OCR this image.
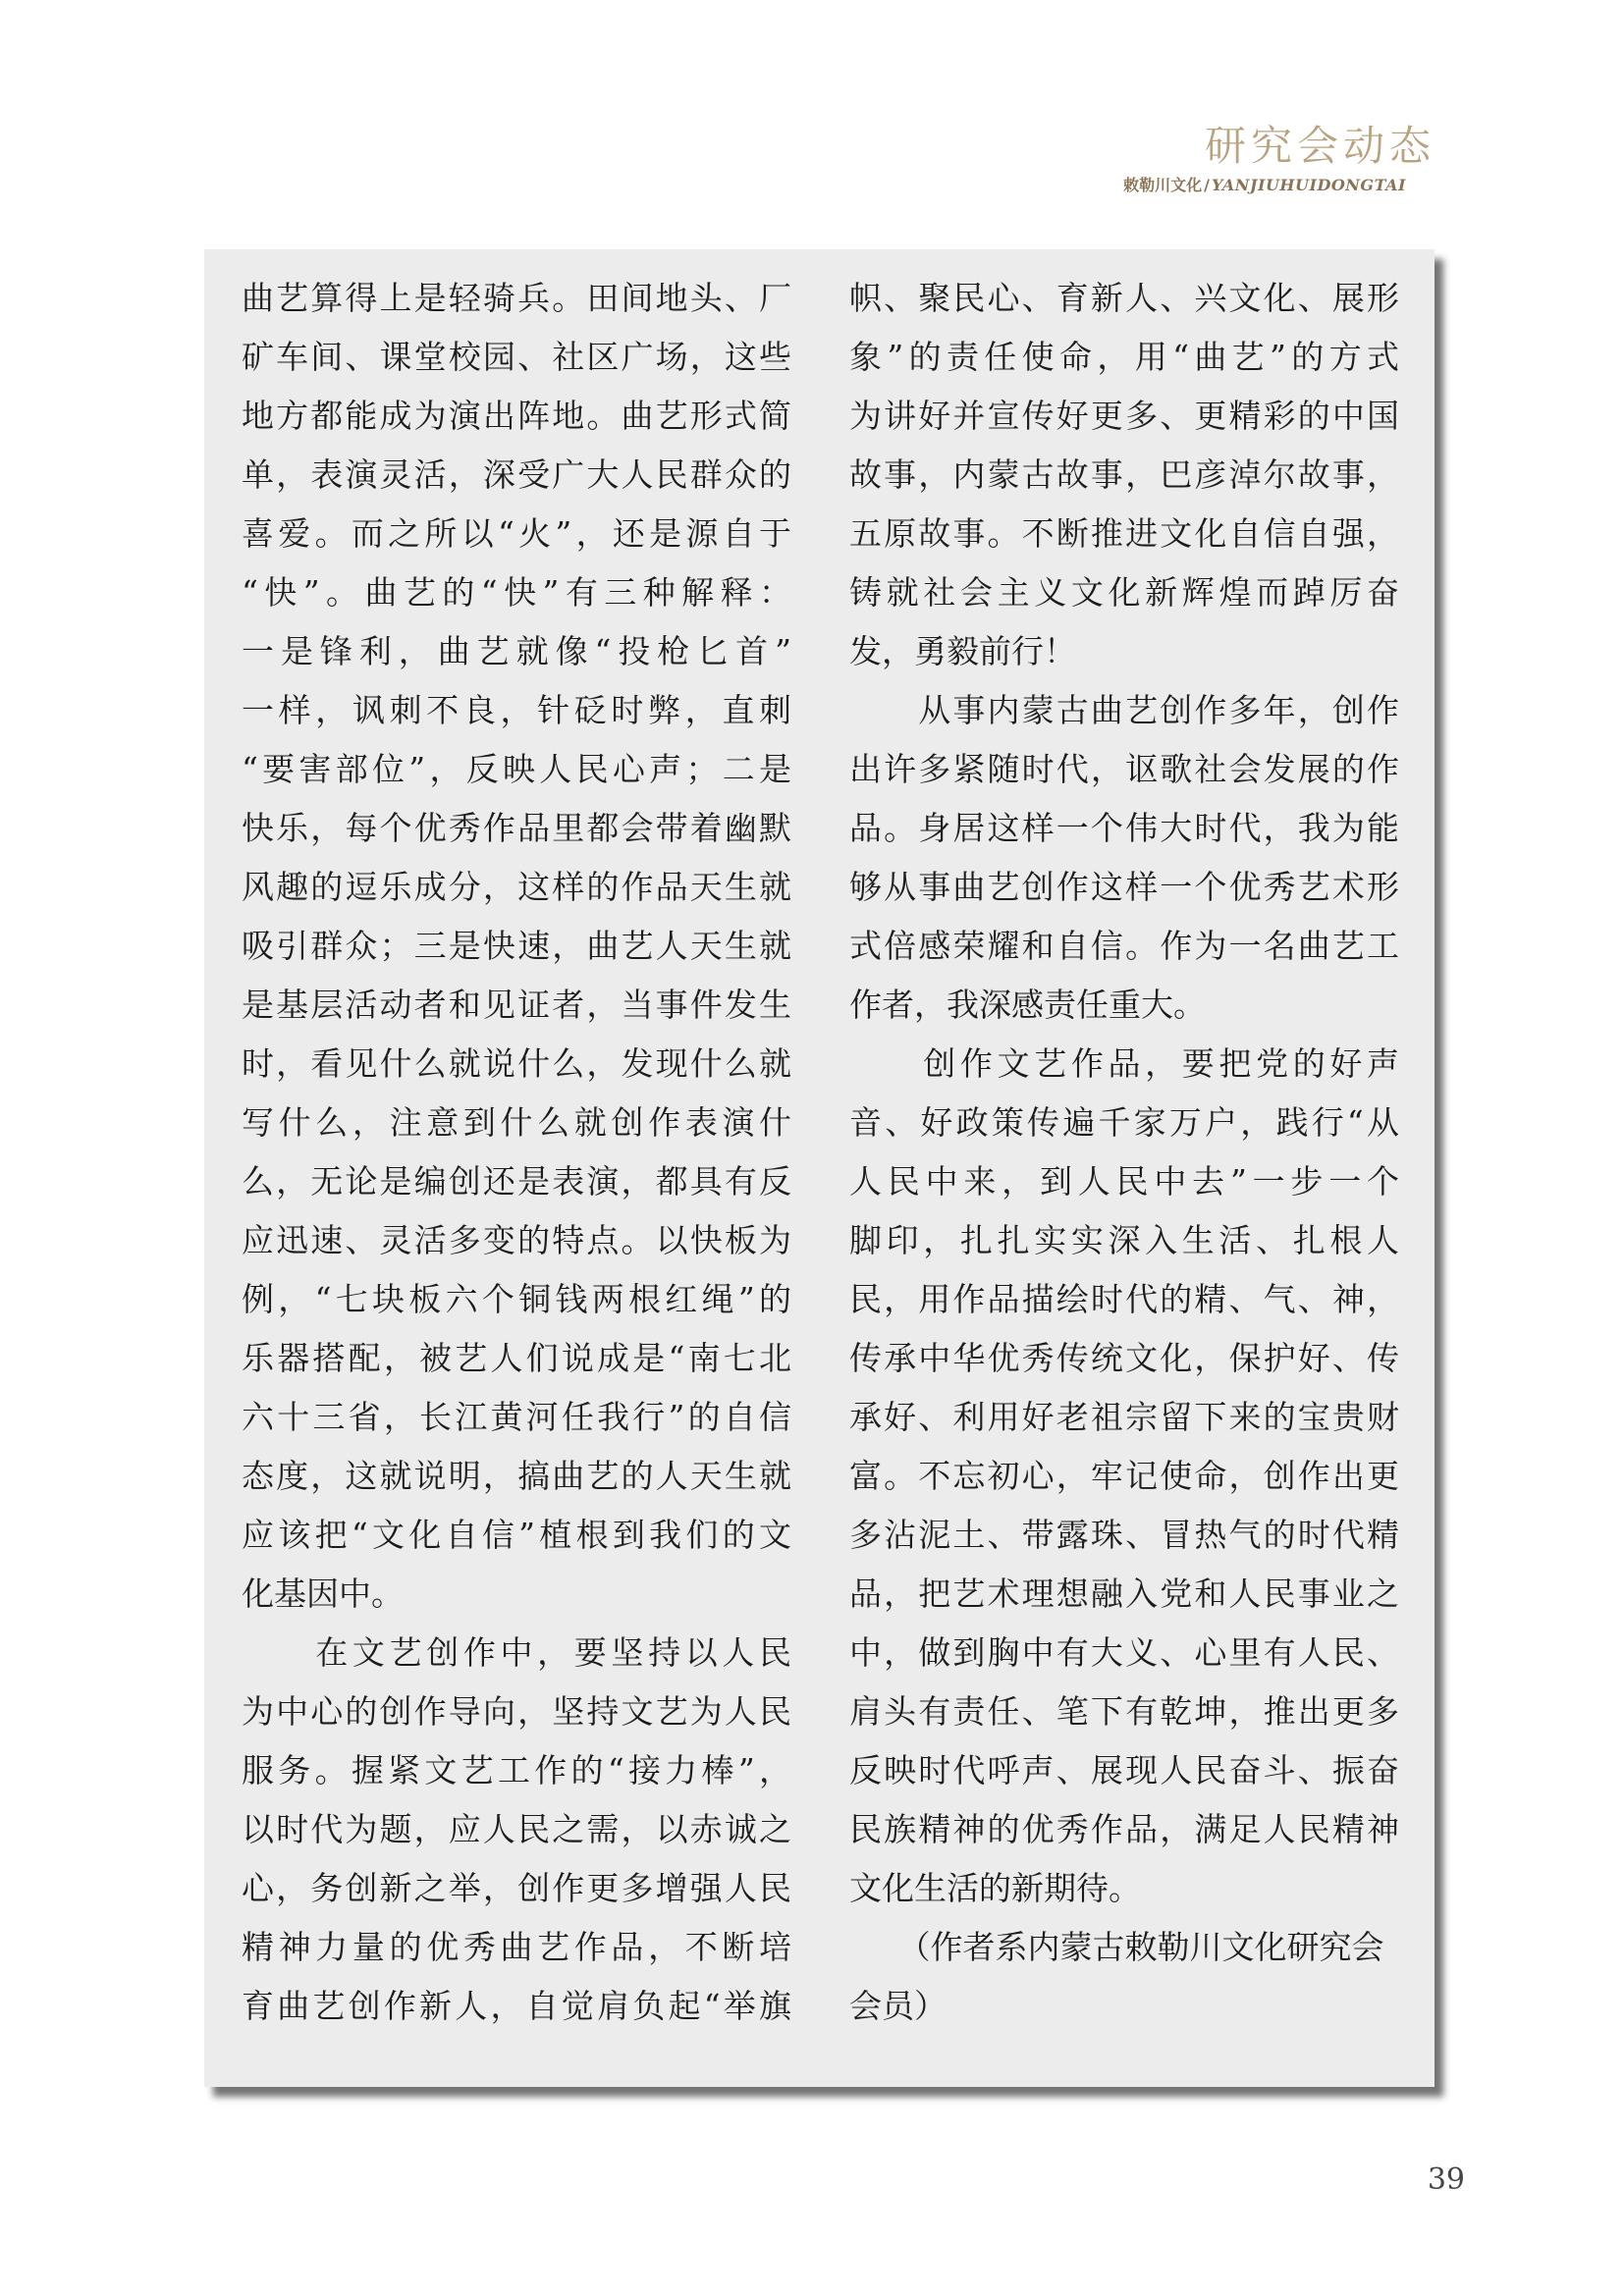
研究会动态
敕勒川文化 / YANJIUHUIDONGTAI
曲艺算得上是轻骑兵。田间地头、厂
矿车间、课堂校园、社区广场，这些
地方都能成为演出阵地。曲艺形式简
单，表演灵活，深受广大人民群众的
喜爱。而之所以“火”，还是源自于
“快”。曲艺的“快”有三种解释：
一是锋利，曲艺就像“投枪匕首”
一样，讽刺不良，针砭时弊，直刺
“要害部位”，反映人民心声；二是
快乐，每个优秀作品里都会带着幽默
风趣的逗乐成分，这样的作品天生就
吸引群众；三是快速，曲艺人天生就
是基层活动者和见证者，当事件发生
时，看见什么就说什么，发现什么就
写什么，注意到什么就创作表演什
么，无论是编创还是表演，都具有反
应迅速、灵活多变的特点。以快板为
例，“七块板六个铜钱两根红绳”的
乐器搭配，被艺人们说成是“南七北
六十三省，长江黄河任我行”的自信
态度，这就说明，搞曲艺的人天生就
应该把“文化自信”植根到我们的文
化基因中。
　　在文艺创作中，要坚持以人民
为中心的创作导向，坚持文艺为人民
服务。握紧文艺工作的“接力棒”，
以时代为题，应人民之需，以赤诚之
心，务创新之举，创作更多增强人民
精神力量的优秀曲艺作品，不断培
育曲艺创作新人，自觉肩负起“举旗
帜、聚民心、育新人、兴文化、展形
象”的责任使命，用“曲艺”的方式
为讲好并宣传好更多、更精彩的中国
故事，内蒙古故事，巴彦淖尔故事，
五原故事。不断推进文化自信自强，
铸就社会主义文化新辉煌而踔厉奋
发，勇毅前行！
　　从事内蒙古曲艺创作多年，创作
出许多紧随时代，讴歌社会发展的作
品。身居这样一个伟大时代，我为能
够从事曲艺创作这样一个优秀艺术形
式倍感荣耀和自信。作为一名曲艺工
作者，我深感责任重大。
　　创作文艺作品，要把党的好声
音、好政策传遍千家万户，践行“从
人民中来，到人民中去”一步一个
脚印，扎扎实实深入生活、扎根人
民，用作品描绘时代的精、气、神，
传承中华优秀传统文化，保护好、传
承好、利用好老祖宗留下来的宝贵财
富。不忘初心，牢记使命，创作出更
多沾泥土、带露珠、冒热气的时代精
品，把艺术理想融入党和人民事业之
中，做到胸中有大义、心里有人民、
肩头有责任、笔下有乾坤，推出更多
反映时代呼声、展现人民奋斗、振奋
民族精神的优秀作品，满足人民精神
文化生活的新期待。
　　（作者系内蒙古敕勒川文化研究会
会员）
39
